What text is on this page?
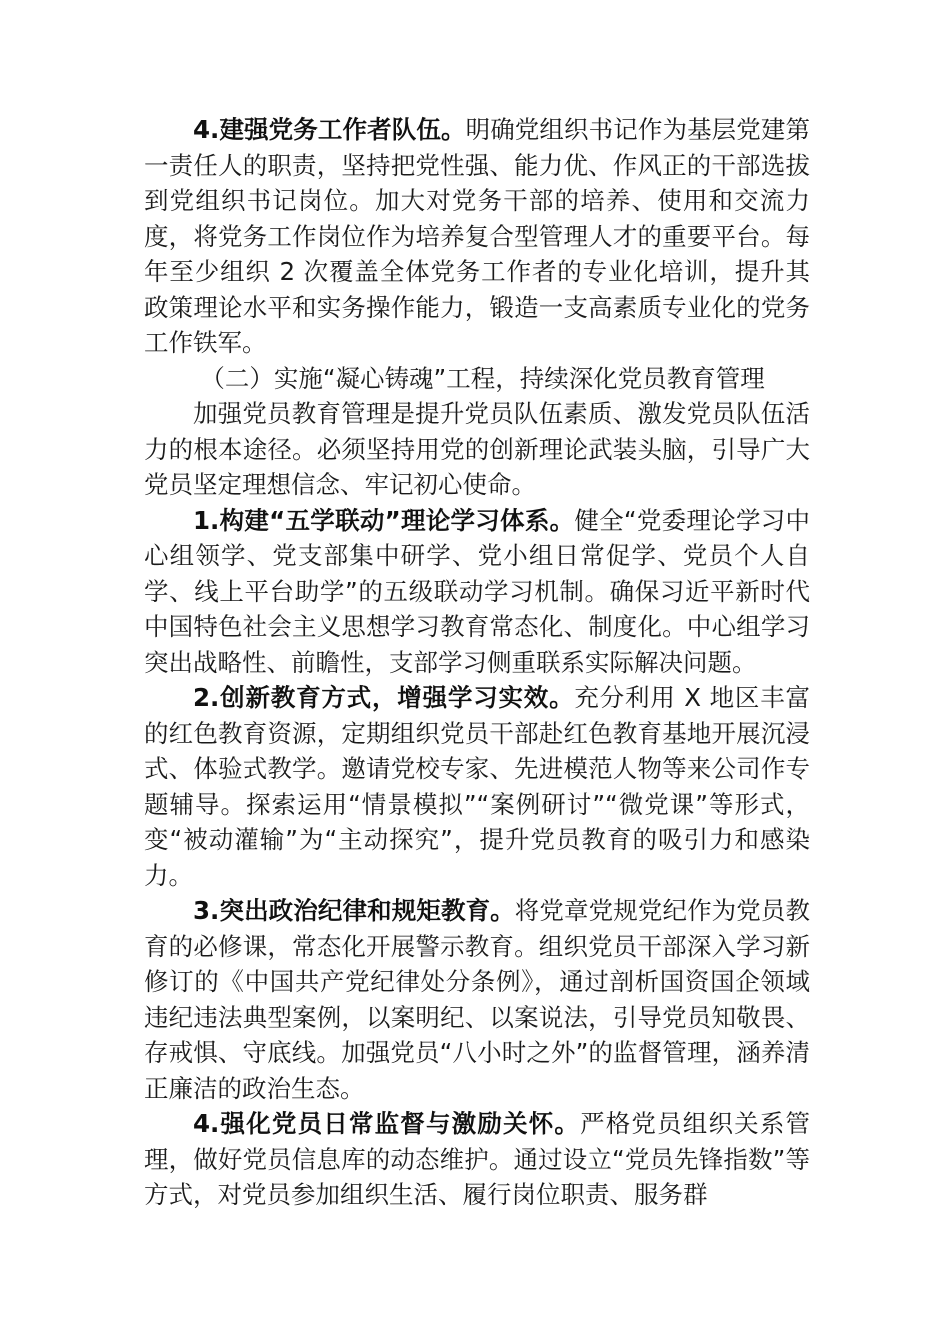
4.建强党务工作者队伍。明确党组织书记作为基层党建第一责任人的职责，坚持把党性强、能力优、作风正的干部选拔到党组织书记岗位。加大对党务干部的培养、使用和交流力度，将党务工作岗位作为培养复合型管理人才的重要平台。每年至少组织 2 次覆盖全体党务工作者的专业化培训，提升其政策理论水平和实务操作能力，锻造一支高素质专业化的党务工作铁军。

（二）实施“凝心铸魂”工程，持续深化党员教育管理

加强党员教育管理是提升党员队伍素质、激发党员队伍活力的根本途径。必须坚持用党的创新理论武装头脑，引导广大党员坚定理想信念、牢记初心使命。

1.构建“五学联动”理论学习体系。健全“党委理论学习中心组领学、党支部集中研学、党小组日常促学、党员个人自学、线上平台助学”的五级联动学习机制。确保习近平新时代中国特色社会主义思想学习教育常态化、制度化。中心组学习突出战略性、前瞻性，支部学习侧重联系实际解决问题。

2.创新教育方式，增强学习实效。充分利用 X 地区丰富的红色教育资源，定期组织党员干部赴红色教育基地开展沉浸式、体验式教学。邀请党校专家、先进模范人物等来公司作专题辅导。探索运用“情景模拟”“案例研讨”“微党课”等形式，变“被动灌输”为“主动探究”，提升党员教育的吸引力和感染力。

3.突出政治纪律和规矩教育。将党章党规党纪作为党员教育的必修课，常态化开展警示教育。组织党员干部深入学习新修订的《中国共产党纪律处分条例》，通过剖析国资国企领域违纪违法典型案例，以案明纪、以案说法，引导党员知敬畏、存戒惧、守底线。加强党员“八小时之外”的监督管理，涵养清正廉洁的政治生态。

4.强化党员日常监督与激励关怀。严格党员组织关系管理，做好党员信息库的动态维护。通过设立“党员先锋指数”等方式，对党员参加组织生活、履行岗位职责、服务群
